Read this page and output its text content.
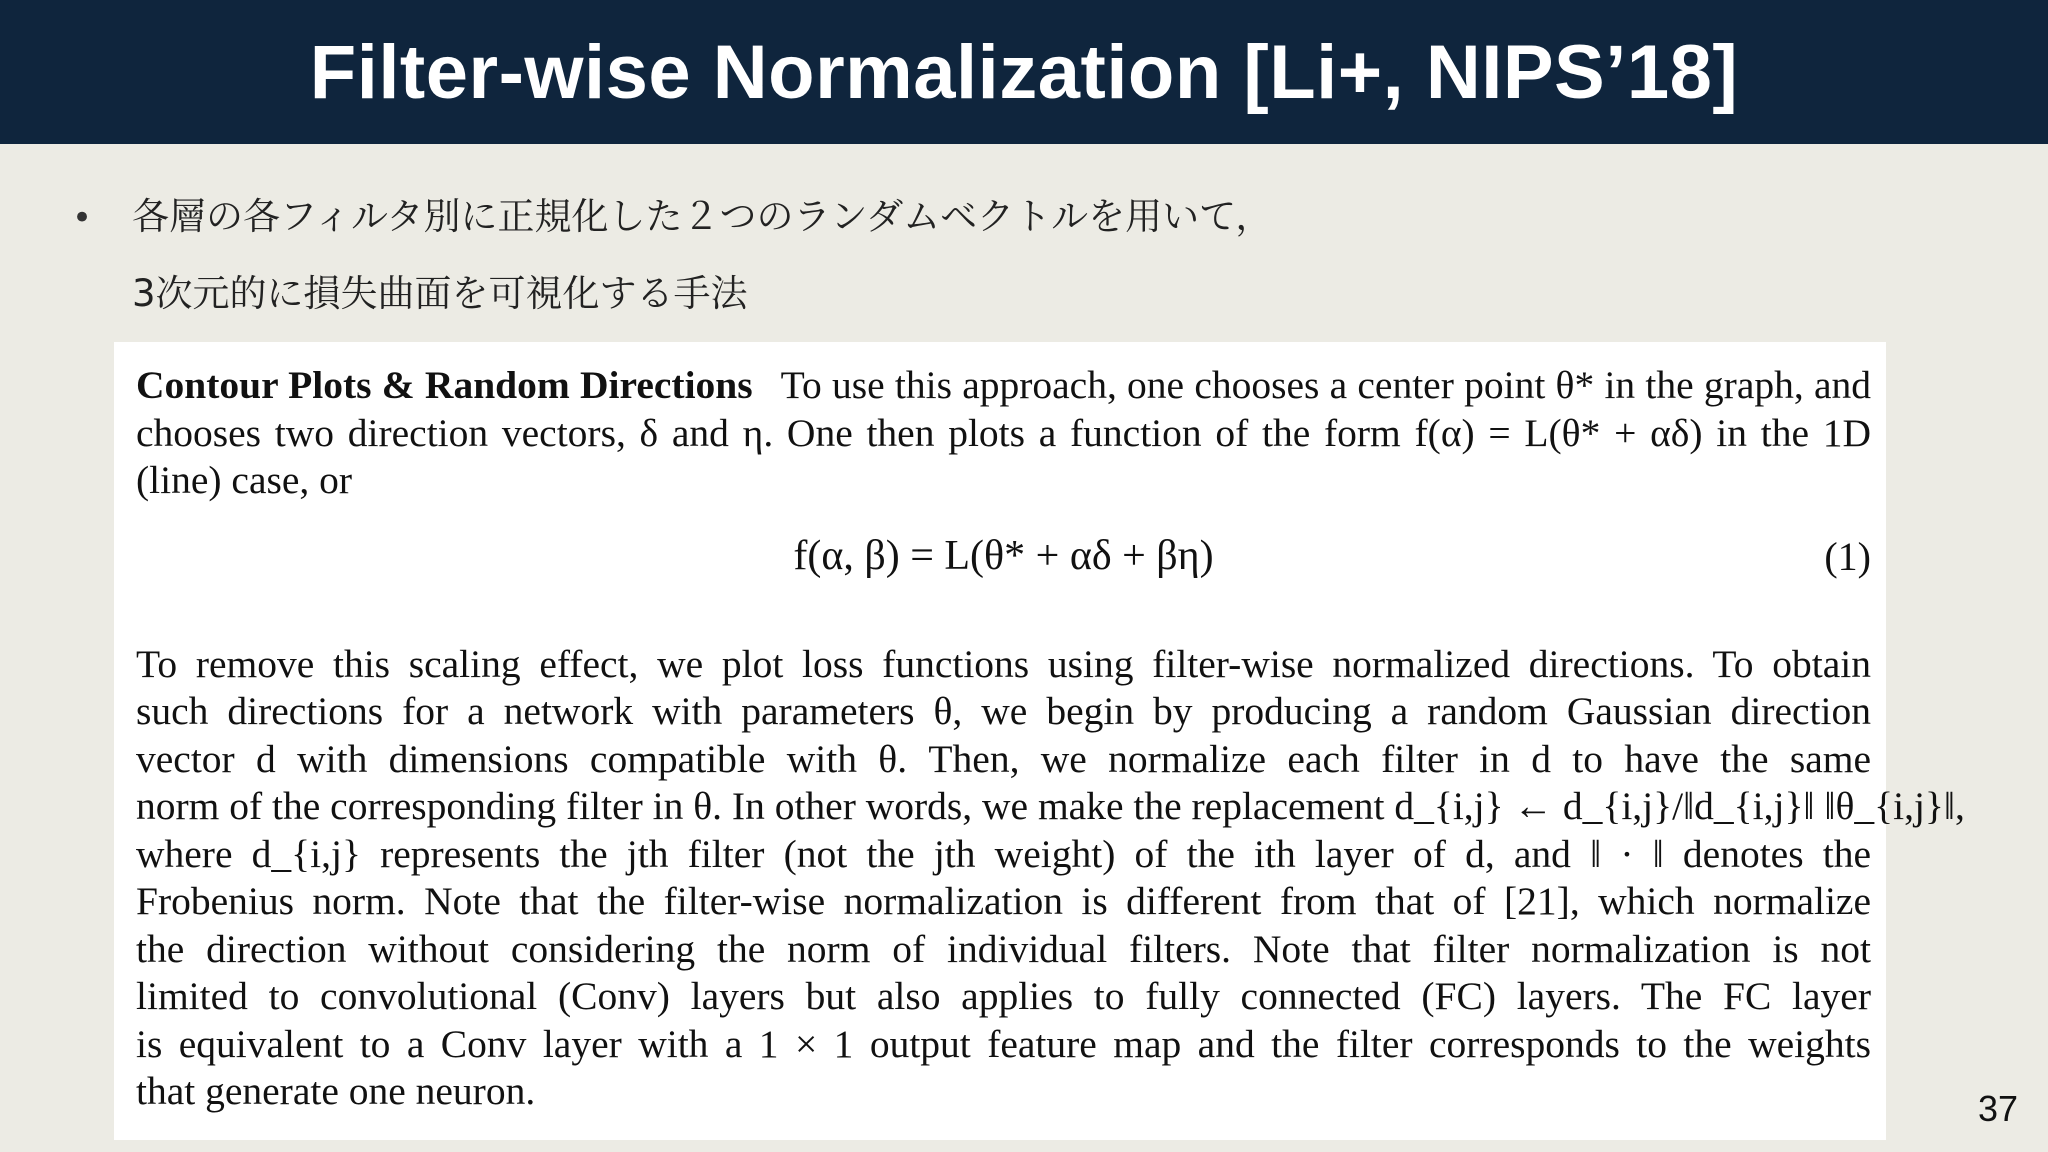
Filter-wise Normalization [Li+, NIPS’18]
•	各層の各フィルタ別に正規化した２つのランダムベクトルを用いて，
3次元的に損失曲面を可視化する手法
Contour Plots & Random Directions To use this approach, one chooses a center point θ* in the graph, and chooses two direction vectors, δ and η. One then plots a function of the form f(α) = L(θ* + αδ) in the 1D (line) case, or
f(α, β) = L(θ* + αδ + βη)	(1)
To remove this scaling effect, we plot loss functions using filter-wise normalized directions. To obtain
such directions for a network with parameters θ, we begin by producing a random Gaussian direction
vector d with dimensions compatible with θ. Then, we normalize each filter in d to have the same
norm of the corresponding filter in θ. In other words, we make the replacement d_{i,j} ← d_{i,j}/‖d_{i,j}‖ ‖θ_{i,j}‖,
where d_{i,j} represents the jth filter (not the jth weight) of the ith layer of d, and ‖ · ‖ denotes the
Frobenius norm. Note that the filter-wise normalization is different from that of [21], which normalize
the direction without considering the norm of individual filters. Note that filter normalization is not
limited to convolutional (Conv) layers but also applies to fully connected (FC) layers. The FC layer
is equivalent to a Conv layer with a 1 × 1 output feature map and the filter corresponds to the weights
that generate one neuron.	37
